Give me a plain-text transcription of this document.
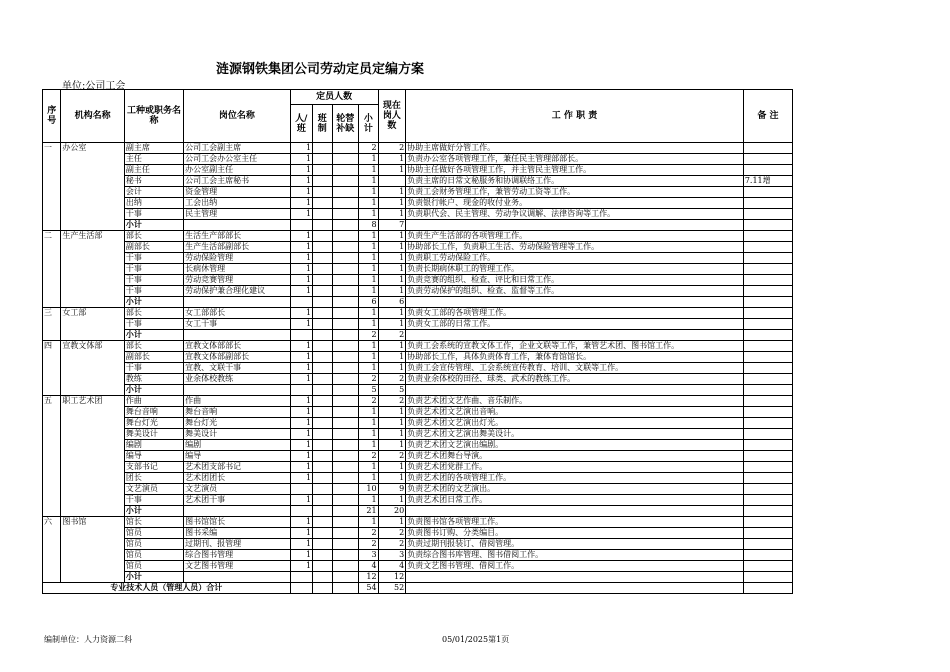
涟源钢铁集团公司劳动定员定编方案
单位:公司工会
序号	机构名称	工种或职务名称	岗位名称	定员人数				现在岗人数	工 作 职 责	备 注
				人/班	班制	轮替补缺	小计			
一	办公室	副主席	公司工会副主席	1			2	2	协助主席做好分管工作。	
		主任	公司工会办公室主任	1			1	1	负责办公室各项管理工作，兼任民主管理部部长。	
		副主任	办公室副主任	1			1	1	协助主任做好各项管理工作，并主管民主管理工作。	
		秘书	公司工会主席秘书	1			1		负责主席的日常文秘服务和协调联络工作。	7.11增
		会计	资金管理	1			1	1	负责工会财务管理工作，兼管劳动工资等工作。	
		出纳	工会出纳	1			1	1	负责银行帐户、现金的收付业务。	
		干事	民主管理	1			1	1	负责职代会、民主管理、劳动争议调解、法律咨询等工作。	
		小计					8	7		
二	生产生活部	部长	生活生产部部长	1			1	1	负责生产生活部的各项管理工作。	
		副部长	生产生活部副部长	1			1	1	协助部长工作，负责职工生活、劳动保险管理等工作。	
		干事	劳动保险管理	1			1	1	负责职工劳动保险工作。	
		干事	长病休管理	1			1	1	负责长期病休职工的管理工作。	
		干事	劳动竞赛管理	1			1	1	负责竞赛的组织、检查、评比和日常工作。	
		干事	劳动保护兼合理化建议	1			1	1	负责劳动保护的组织、检查、监督等工作。	
		小计					6	6		
三	女工部	部长	女工部部长	1			1	1	负责女工部的各项管理工作。	
		干事	女工干事	1			1	1	负责女工部的日常工作。	
		小计					2	2		
四	宣教文体部	部长	宣教文体部部长	1			1	1	负责工会系统的宣教文体工作，企业文联等工作，兼管艺术团、图书馆工作。	
		副部长	宣教文体部副部长	1			1	1	协助部长工作，具体负责体育工作，兼体育馆馆长。	
		干事	宣教、文联干事	1			1	1	负责工会宣传管理、工会系统宣传教育、培训、文联等工作。	
		教练	业余体校教练	1			2	2	负责业余体校的田径、球类、武术的教练工作。	
		小计					5	5		
五	职工艺术团	作曲	作曲	1			2	2	负责艺术团文艺作曲、音乐制作。	
		舞台音响	舞台音响	1			1	1	负责艺术团文艺演出音响。	
		舞台灯光	舞台灯光	1			1	1	负责艺术团文艺演出灯光。	
		舞美设计	舞美设计	1			1	1	负责艺术团文艺演出舞美设计。	
		编剧	编剧	1			1	1	负责艺术团文艺演出编剧。	
		编导	编导	1			2	2	负责艺术团舞台导演。	
		支部书记	艺术团支部书记	1			1	1	负责艺术团党群工作。	
		团长	艺术团团长	1			1	1	负责艺术团的各项管理工作。	
		文艺演员	文艺演员				10	9	负责艺术团的文艺演出。	
		干事	艺术团干事	1			1	1	负责艺术团日常工作。	
		小计					21	20		
六	图书馆	馆长	图书馆馆长	1			1	1	负责图书馆各项管理工作。	
		馆员	图书采编	1			2	2	负责图书订购、分类编目。	
		馆员	过期刊、报管理	1			2	2	负责过期刊报装订、借阅管理。	
		馆员	综合图书管理	1			3	3	负责综合图书库管理、图书借阅工作。	
		馆员	文艺图书管理	1			4	4	负责文艺图书管理、借阅工作。	
		小计					12	12		
专业技术人员（管理人员）合计							54	52		
编制单位：人力资源二科	05/01/2025第1页
